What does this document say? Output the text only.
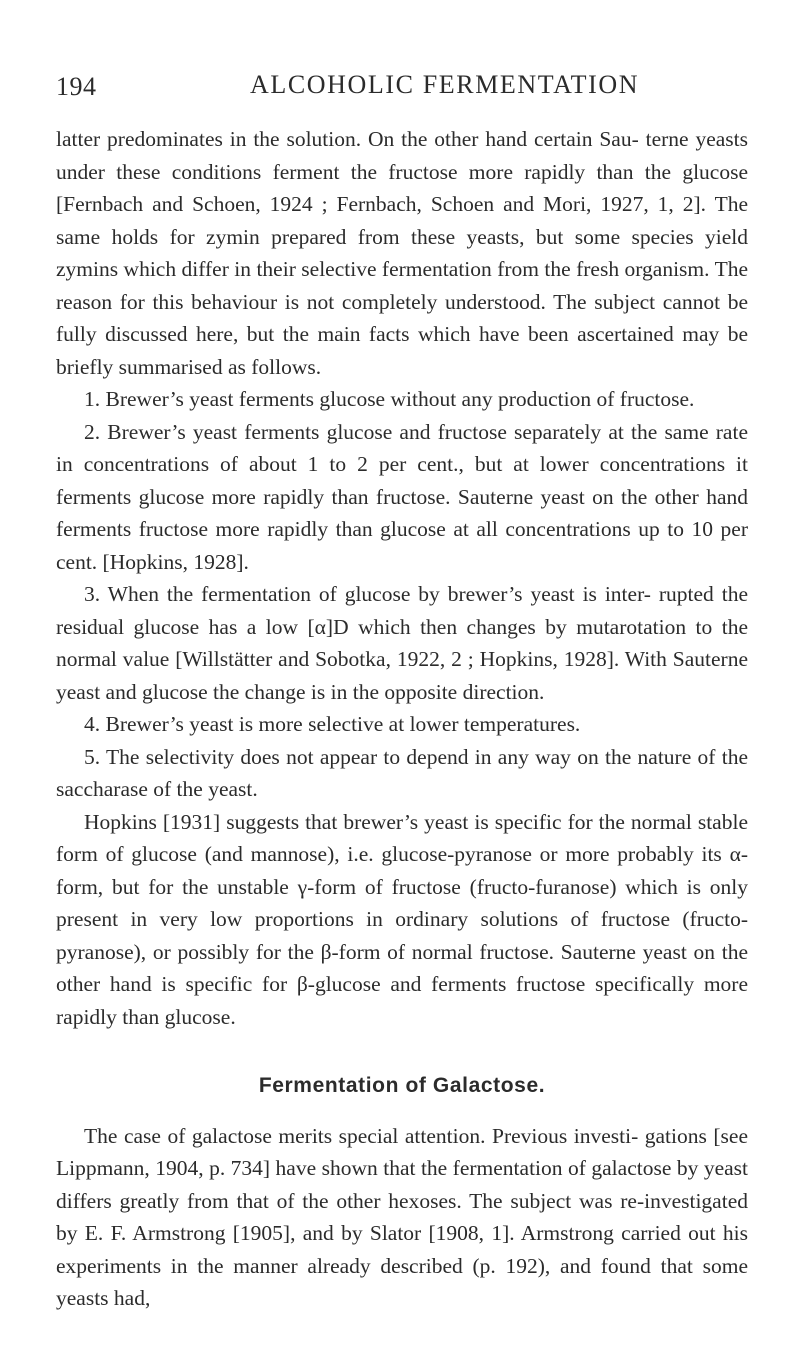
194	ALCOHOLIC FERMENTATION

latter predominates in the solution. On the other hand certain Sau- terne yeasts under these conditions ferment the fructose more rapidly than the glucose [Fernbach and Schoen, 1924 ; Fernbach, Schoen and Mori, 1927, 1, 2]. The same holds for zymin prepared from these yeasts, but some species yield zymins which differ in their selective fermentation from the fresh organism. The reason for this behaviour is not completely understood. The subject cannot be fully discussed here, but the main facts which have been ascertained may be briefly summarised as follows.

1. Brewer’s yeast ferments glucose without any production of fructose.

2. Brewer’s yeast ferments glucose and fructose separately at the same rate in concentrations of about 1 to 2 per cent., but at lower concentrations it ferments glucose more rapidly than fructose. Sauterne yeast on the other hand ferments fructose more rapidly than glucose at all concentrations up to 10 per cent. [Hopkins, 1928].

3. When the fermentation of glucose by brewer’s yeast is inter- rupted the residual glucose has a low [α]D which then changes by mutarotation to the normal value [Willstätter and Sobotka, 1922, 2 ; Hopkins, 1928]. With Sauterne yeast and glucose the change is in the opposite direction.

4. Brewer’s yeast is more selective at lower temperatures.

5. The selectivity does not appear to depend in any way on the nature of the saccharase of the yeast.

Hopkins [1931] suggests that brewer’s yeast is specific for the normal stable form of glucose (and mannose), i.e. glucose-pyranose or more probably its α-form, but for the unstable γ-form of fructose (fructo-furanose) which is only present in very low proportions in ordinary solutions of fructose (fructo-pyranose), or possibly for the β-form of normal fructose. Sauterne yeast on the other hand is specific for β-glucose and ferments fructose specifically more rapidly than glucose.

Fermentation of Galactose.

The case of galactose merits special attention. Previous investi- gations [see Lippmann, 1904, p. 734] have shown that the fermentation of galactose by yeast differs greatly from that of the other hexoses. The subject was re-investigated by E. F. Armstrong [1905], and by Slator [1908, 1]. Armstrong carried out his experiments in the manner already described (p. 192), and found that some yeasts had,
